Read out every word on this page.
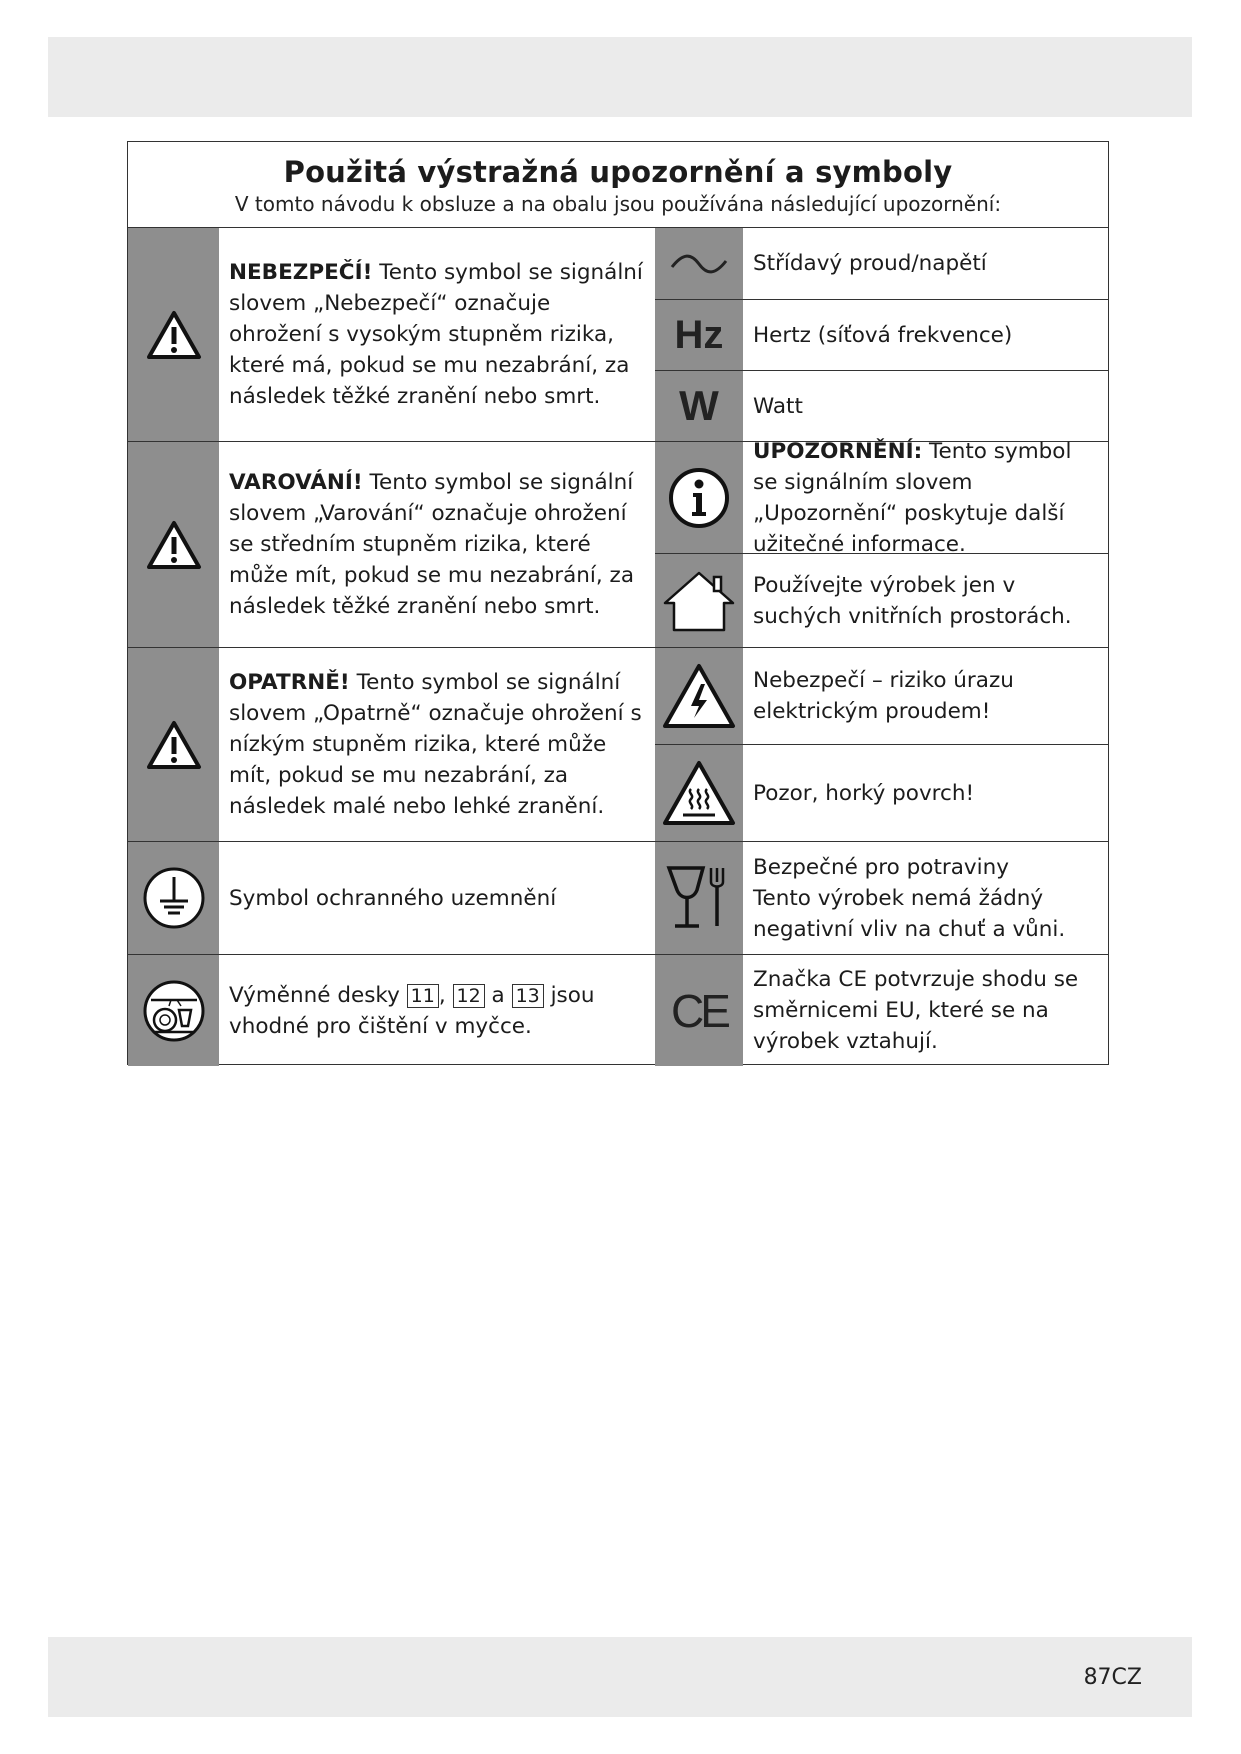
Použitá výstražná upozornění a symboly
V tomto návodu k obsluze a na obalu jsou používána následující upozornění:

NEBEZPEČÍ! Tento symbol se signální slovem „Nebezpečí“ označuje ohrožení s vysokým stupněm rizika, které má, pokud se mu nezabrání, za následek těžké zranění nebo smrt.

VAROVÁNÍ! Tento symbol se signální slovem „Varování“ označuje ohrožení se středním stupněm rizika, které může mít, pokud se mu nezabrání, za následek těžké zranění nebo smrt.

OPATRNĚ! Tento symbol se signální slovem „Opatrně“ označuje ohrožení s nízkým stupněm rizika, které může mít, pokud se mu nezabrání, za následek malé nebo lehké zranění.

Symbol ochranného uzemnění

Výměnné desky 11 , 12 a 13 jsou vhodné pro čištění v myčce.

Střídavý proud/napětí
Hz	Hertz (síťová frekvence)
W	Watt

UPOZORNĚNÍ: Tento symbol se signálním slovem „Upozornění“ poskytuje další užitečné informace.

Používejte výrobek jen v suchých vnitřních prostorách.
Nebezpečí – riziko úrazu elektrickým proudem!
Pozor, horký povrch!

Bezpečné pro potraviny
Tento výrobek nemá žádný negativní vliv na chuť a vůni.

CE
Značka CE potvrzuje shodu se směrnicemi EU, které se na výrobek vztahují.
87CZ
